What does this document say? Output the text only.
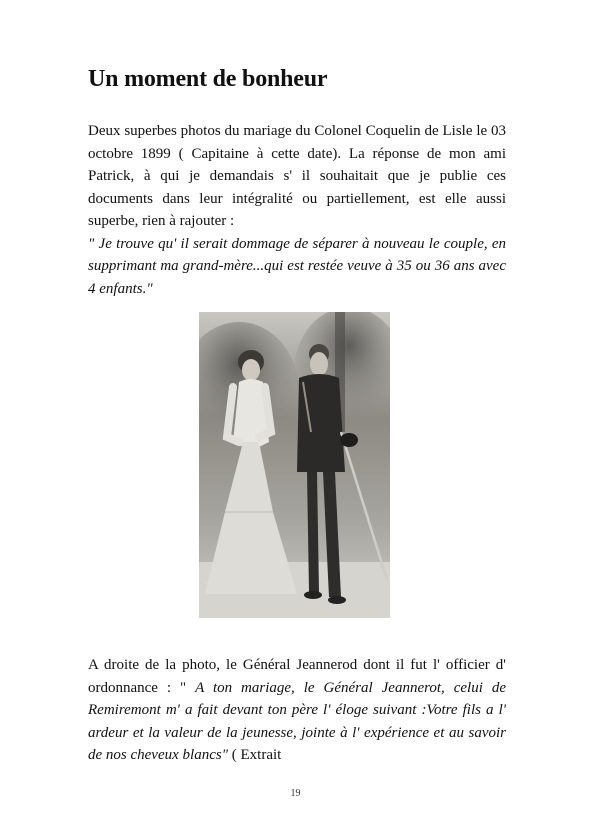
Un moment de bonheur

Deux superbes photos du mariage du Colonel Coquelin de Lisle le 03 octobre 1899 ( Capitaine à cette date). La réponse de mon ami Patrick, à qui je demandais s' il souhaitait que je publie ces documents dans leur intégralité ou partiellement, est elle aussi superbe, rien à rajouter :
" Je trouve qu' il serait dommage de séparer à nouveau le couple, en supprimant ma grand-mère...qui est restée veuve à 35 ou 36 ans avec 4 enfants."

A droite de la photo, le Général Jeannerod dont il fut l' officier d' ordonnance : " A ton mariage, le Général Jeannerot, celui de Remiremont m' a fait devant ton père l' éloge suivant :Votre fils a l' ardeur et la valeur de la jeunesse, jointe à l' expérience et au savoir de nos cheveux blancs" ( Extrait

19
